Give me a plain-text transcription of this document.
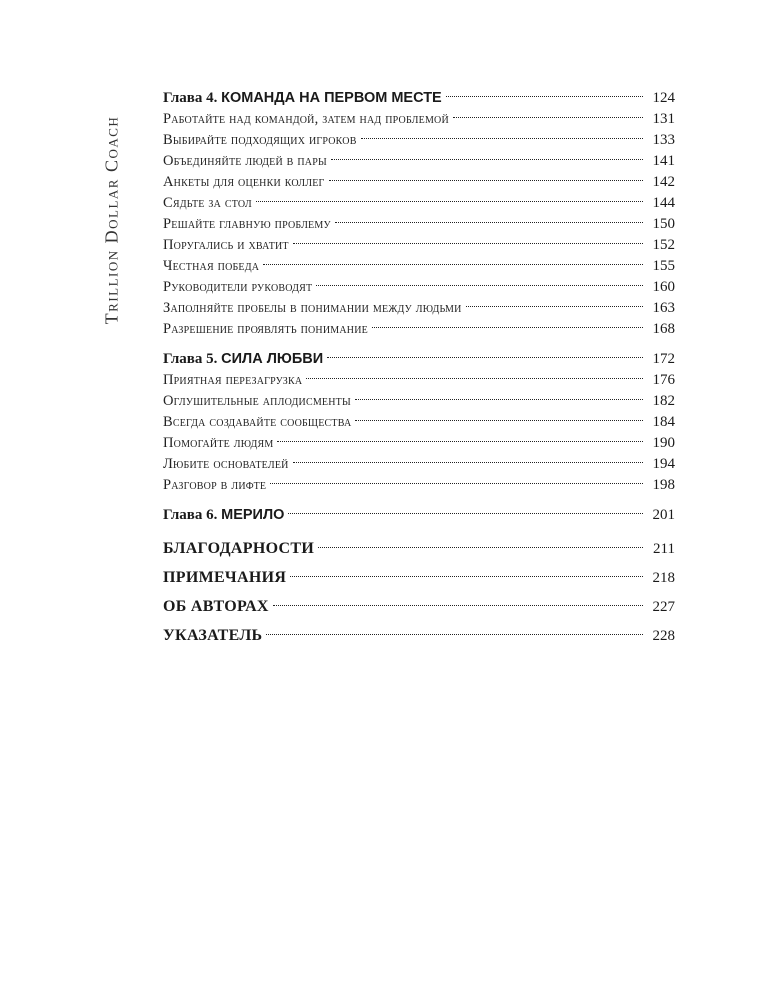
Trillion Dollar Coach
Глава 4. КОМАНДА НА ПЕРВОМ МЕСТЕ	124
Работайте над командой, затем над проблемой	131
Выбирайте подходящих игроков	133
Объединяйте людей в пары	141
Анкеты для оценки коллег	142
Сядьте за стол	144
Решайте главную проблему	150
Поругались и хватит	152
Честная победа	155
Руководители руководят	160
Заполняйте пробелы в понимании между людьми	163
Разрешение проявлять понимание	168
Глава 5. СИЛА ЛЮБВИ	172
Приятная перезагрузка	176
Оглушительные аплодисменты	182
Всегда создавайте сообщества	184
Помогайте людям	190
Любите основателей	194
Разговор в лифте	198
Глава 6. МЕРИЛО	201
БЛАГОДАРНОСТИ	211
ПРИМЕЧАНИЯ	218
ОБ АВТОРАХ	227
УКАЗАТЕЛЬ	228
